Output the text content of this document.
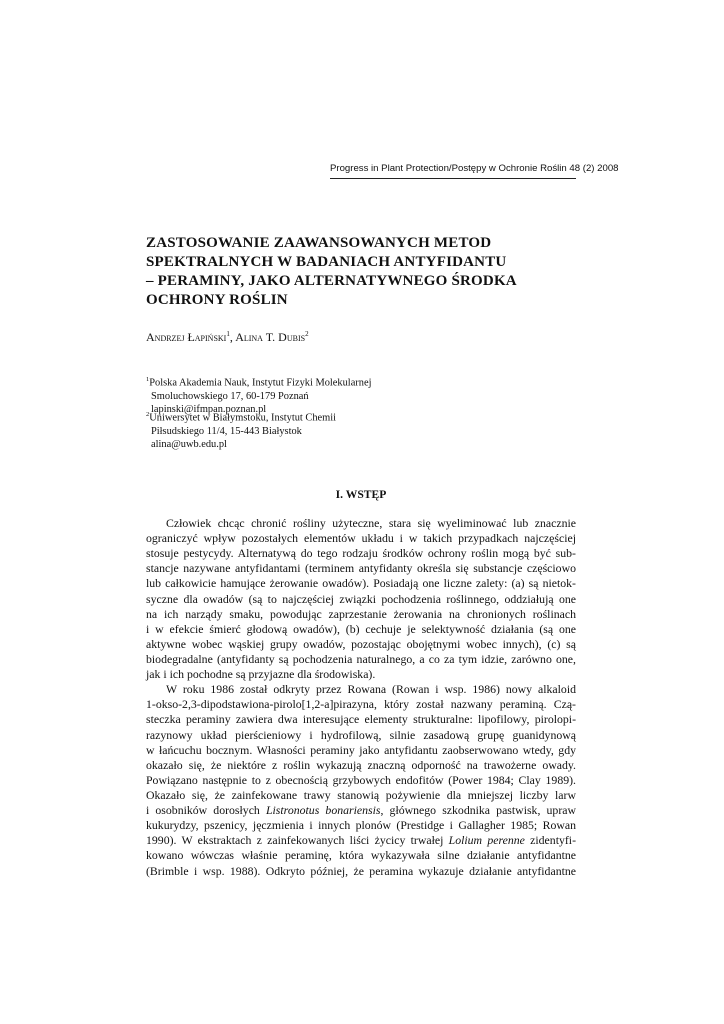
Progress in Plant Protection/Postępy w Ochronie Roślin 48 (2) 2008
ZASTOSOWANIE ZAAWANSOWANYCH METOD
SPEKTRALNYCH W BADANIACH ANTYFIDANTU
– PERAMINY, JAKO ALTERNATYWNEGO ŚRODKA
OCHRONY ROŚLIN
Andrzej Łapiński$^1$, Alina T. Dubis$^2$
$^1$Polska Akademia Nauk, Instytut Fizyki Molekularnej
Smoluchowskiego 17, 60-179 Poznań
lapinski@ifmpan.poznan.pl
$^2$Uniwersytet w Białymstoku, Instytut Chemii
Piłsudskiego 11/4, 15-443 Białystok
alina@uwb.edu.pl
I. WSTĘP
Człowiek chcąc chronić rośliny użyteczne, stara się wyeliminować lub znacznie
ograniczyć wpływ pozostałych elementów układu i w takich przypadkach najczęściej
stosuje pestycydy. Alternatywą do tego rodzaju środków ochrony roślin mogą być sub-
stancje nazywane antyfidantami (terminem antyfidanty określa się substancje częściowo
lub całkowicie hamujące żerowanie owadów). Posiadają one liczne zalety: (a) są nietok-
syczne dla owadów (są to najczęściej związki pochodzenia roślinnego, oddziałują one
na ich narządy smaku, powodując zaprzestanie żerowania na chronionych roślinach
i w efekcie śmierć głodową owadów), (b) cechuje je selektywność działania (są one
aktywne wobec wąskiej grupy owadów, pozostając obojętnymi wobec innych), (c) są
biodegradalne (antyfidanty są pochodzenia naturalnego, a co za tym idzie, zarówno one,
jak i ich pochodne są przyjazne dla środowiska).
W roku 1986 został odkryty przez Rowana (Rowan i wsp. 1986) nowy alkaloid
1-okso-2,3-dipodstawiona-pirolo[1,2-a]pirazyna, który został nazwany peraminą. Czą-
steczka peraminy zawiera dwa interesujące elementy strukturalne: lipofilowy, pirolopi-
razynowy układ pierścieniowy i hydrofilową, silnie zasadową grupę guanidynową
w łańcuchu bocznym. Własności peraminy jako antyfidantu zaobserwowano wtedy, gdy
okazało się, że niektóre z roślin wykazują znaczną odporność na trawożerne owady.
Powiązano następnie to z obecnością grzybowych endofitów (Power 1984; Clay 1989).
Okazało się, że zainfekowane trawy stanowią pożywienie dla mniejszej liczby larw
i osobników dorosłych Listronotus bonariensis, głównego szkodnika pastwisk, upraw
kukurydzy, pszenicy, jęczmienia i innych plonów (Prestidge i Gallagher 1985; Rowan
1990). W ekstraktach z zainfekowanych liści życicy trwałej Lolium perenne zidentyfi-
kowano wówczas właśnie peraminę, która wykazywała silne działanie antyfidantne
(Brimble i wsp. 1988). Odkryto później, że peramina wykazuje działanie antyfidantne
